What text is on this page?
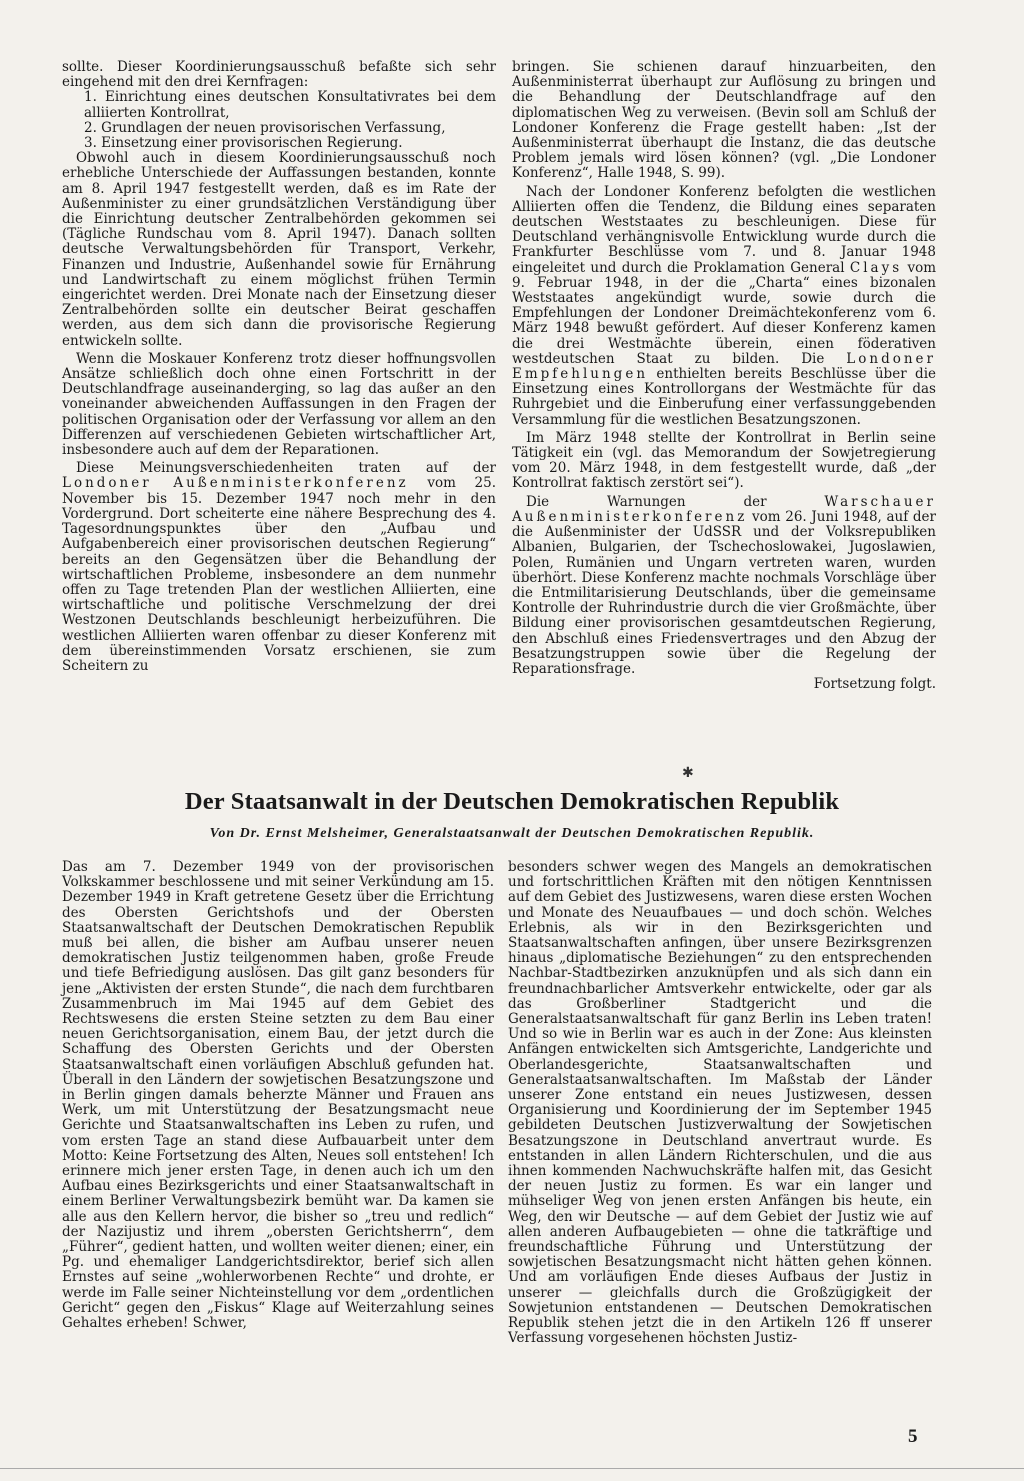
sollte. Dieser Koordinierungsausschuß befaßte sich sehr eingehend mit den drei Kernfragen:

1. Einrichtung eines deutschen Konsultativrates bei dem alliierten Kontrollrat,
2. Grundlagen der neuen provisorischen Verfassung,
3. Einsetzung einer provisorischen Regierung.

Obwohl auch in diesem Koordinierungsausschuß noch erhebliche Unterschiede der Auffassungen bestanden, konnte am 8. April 1947 festgestellt werden, daß es im Rate der Außenminister zu einer grundsätzlichen Verständigung über die Einrichtung deutscher Zentralbehörden gekommen sei (Tägliche Rundschau vom 8. April 1947). Danach sollten deutsche Verwaltungsbehörden für Transport, Verkehr, Finanzen und Industrie, Außenhandel sowie für Ernährung und Landwirtschaft zu einem möglichst frühen Termin eingerichtet werden. Drei Monate nach der Einsetzung dieser Zentralbehörden sollte ein deutscher Beirat geschaffen werden, aus dem sich dann die provisorische Regierung entwickeln sollte.

Wenn die Moskauer Konferenz trotz dieser hoffnungsvollen Ansätze schließlich doch ohne einen Fortschritt in der Deutschlandfrage auseinanderging, so lag das außer an den voneinander abweichenden Auffassungen in den Fragen der politischen Organisation oder der Verfassung vor allem an den Differenzen auf verschiedenen Gebieten wirtschaftlicher Art, insbesondere auch auf dem der Reparationen.

Diese Meinungsverschiedenheiten traten auf der Londoner Außenministerkonferenz vom 25. November bis 15. Dezember 1947 noch mehr in den Vordergrund. Dort scheiterte eine nähere Besprechung des 4. Tagesordnungspunktes über den „Aufbau und Aufgabenbereich einer provisorischen deutschen Regierung“ bereits an den Gegensätzen über die Behandlung der wirtschaftlichen Probleme, insbesondere an dem nunmehr offen zu Tage tretenden Plan der westlichen Alliierten, eine wirtschaftliche und politische Verschmelzung der drei Westzonen Deutschlands beschleunigt herbeizuführen. Die westlichen Alliierten waren offenbar zu dieser Konferenz mit dem übereinstimmenden Vorsatz erschienen, sie zum Scheitern zu

bringen. Sie schienen darauf hinzuarbeiten, den Außenministerrat überhaupt zur Auflösung zu bringen und die Behandlung der Deutschlandfrage auf den diplomatischen Weg zu verweisen. (Bevin soll am Schluß der Londoner Konferenz die Frage gestellt haben: „Ist der Außenministerrat überhaupt die Instanz, die das deutsche Problem jemals wird lösen können? (vgl. „Die Londoner Konferenz“, Halle 1948, S. 99).

Nach der Londoner Konferenz befolgten die westlichen Alliierten offen die Tendenz, die Bildung eines separaten deutschen Weststaates zu beschleunigen. Diese für Deutschland verhängnisvolle Entwicklung wurde durch die Frankfurter Beschlüsse vom 7. und 8. Januar 1948 eingeleitet und durch die Proklamation General Clays vom 9. Februar 1948, in der die „Charta“ eines bizonalen Weststaates angekündigt wurde, sowie durch die Empfehlungen der Londoner Dreimächtekonferenz vom 6. März 1948 bewußt gefördert. Auf dieser Konferenz kamen die drei Westmächte überein, einen föderativen westdeutschen Staat zu bilden. Die Londoner Empfehlungen enthielten bereits Beschlüsse über die Einsetzung eines Kontrollorgans der Westmächte für das Ruhrgebiet und die Einberufung einer verfassunggebenden Versammlung für die westlichen Besatzungszonen.

Im März 1948 stellte der Kontrollrat in Berlin seine Tätigkeit ein (vgl. das Memorandum der Sowjetregierung vom 20. März 1948, in dem festgestellt wurde, daß „der Kontrollrat faktisch zerstört sei“).

Die Warnungen der	Warschauer Außenministerkonferenz vom 26. Juni 1948, auf der die Außenminister der UdSSR und der Volksrepubliken Albanien, Bulgarien, der Tschechoslowakei, Jugoslawien, Polen, Rumänien und Ungarn vertreten waren, wurden überhört. Diese Konferenz machte nochmals Vorschläge über die Entmilitarisierung Deutschlands, über die gemeinsame Kontrolle der Ruhrindustrie durch die vier Großmächte, über Bildung einer provisorischen gesamtdeutschen Regierung, den Abschluß eines Friedensvertrages und den Abzug der Besatzungstruppen sowie über die Regelung der Reparationsfrage.

Fortsetzung folgt.

✱
Der Staatsanwalt in der Deutschen Demokratischen Republik
Von Dr. Ernst Melsheimer, Generalstaatsanwalt der Deutschen Demokratischen Republik.

Das am 7. Dezember 1949 von der provisorischen Volkskammer beschlossene und mit seiner Verkündung am 15. Dezember 1949 in Kraft getretene Gesetz über die Errichtung des Obersten Gerichtshofs und der Obersten Staatsanwaltschaft der Deutschen Demokratischen Republik muß bei allen, die bisher am Aufbau unserer neuen demokratischen Justiz teilgenommen haben, große Freude und tiefe Befriedigung auslösen. Das gilt ganz besonders für jene „Aktivisten der ersten Stunde“, die nach dem furchtbaren Zusammenbruch im Mai 1945 auf dem Gebiet des Rechtswesens die ersten Steine setzten zu dem Bau einer neuen Gerichtsorganisation, einem Bau, der jetzt durch die Schaffung des Obersten Gerichts und der Obersten Staatsanwaltschaft einen vorläufigen Abschluß gefunden hat. Überall in den Ländern der sowjetischen Besatzungszone und in Berlin gingen damals beherzte Männer und Frauen ans Werk, um mit Unterstützung der Besatzungsmacht neue Gerichte und Staatsanwaltschaften ins Leben zu rufen, und vom ersten Tage an stand diese Aufbauarbeit unter dem Motto: Keine Fortsetzung des Alten, Neues soll entstehen! Ich erinnere mich jener ersten Tage, in denen auch ich um den Aufbau eines Bezirksgerichts und einer Staatsanwaltschaft in einem Berliner Verwaltungsbezirk bemüht war. Da kamen sie alle aus den Kellern hervor, die bisher so „treu und redlich“ der Nazijustiz und ihrem „obersten Gerichtsherrn“, dem „Führer“, gedient hatten, und wollten weiter dienen; einer, ein Pg. und ehemaliger Landgerichtsdirektor, berief sich allen Ernstes auf seine „wohlerworbenen Rechte“ und drohte, er werde im Falle seiner Nichteinstellung vor dem „ordentlichen Gericht“ gegen den „Fiskus“ Klage auf Weiterzahlung seines Gehaltes erheben! Schwer,

besonders schwer wegen des Mangels an demokratischen und fortschrittlichen Kräften mit den nötigen Kenntnissen auf dem Gebiet des Justizwesens, waren diese ersten Wochen und Monate des Neuaufbaues — und doch schön. Welches Erlebnis, als wir in den Bezirksgerichten und Staatsanwaltschaften anfingen, über unsere Bezirksgrenzen hinaus „diplomatische Beziehungen“ zu den entsprechenden Nachbar-Stadtbezirken anzuknüpfen und als sich dann ein freundnachbarlicher Amtsverkehr entwickelte, oder gar als das Großberliner Stadtgericht und die Generalstaatsanwaltschaft für ganz Berlin ins Leben traten! Und so wie in Berlin war es auch in der Zone: Aus kleinsten Anfängen entwickelten sich Amtsgerichte, Landgerichte und Oberlandesgerichte, Staatsanwaltschaften und Generalstaatsanwaltschaften. Im Maßstab der Länder unserer Zone entstand ein neues Justizwesen, dessen Organisierung und Koordinierung der im September 1945 gebildeten Deutschen Justizverwaltung der Sowjetischen Besatzungszone in Deutschland anvertraut wurde. Es entstanden in allen Ländern Richterschulen, und die aus ihnen kommenden Nachwuchskräfte halfen mit, das Gesicht der neuen Justiz zu formen. Es war ein langer und mühseliger Weg von jenen ersten Anfängen bis heute, ein Weg, den wir Deutsche — auf dem Gebiet der Justiz wie auf allen anderen Aufbaugebieten — ohne die tatkräftige und freundschaftliche Führung und Unterstützung der sowjetischen Besatzungsmacht nicht hätten gehen können. Und am vorläufigen Ende dieses Aufbaus der Justiz in unserer — gleichfalls durch die Großzügigkeit der Sowjetunion entstandenen — Deutschen Demokratischen Republik stehen jetzt die in den Artikeln 126 ff unserer Verfassung vorgesehenen höchsten Justiz-

5
